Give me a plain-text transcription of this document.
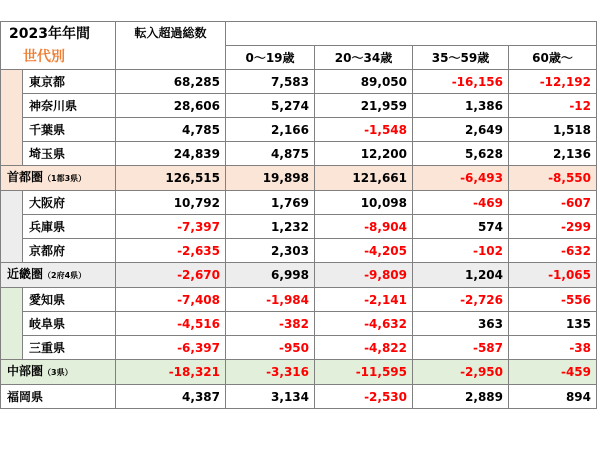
2023年年間		転入超過総数				
世代別			0～19歳	20～34歳	35～59歳	60歳～
	東京都	68,285	7,583	89,050	-16,156	-12,192
	神奈川県	28,606	5,274	21,959	1,386	-12
	千葉県	4,785	2,166	-1,548	2,649	1,518
	埼玉県	24,839	4,875	12,200	5,628	2,136
首都圏（1都3県）		126,515	19,898	121,661	-6,493	-8,550
	大阪府	10,792	1,769	10,098	-469	-607
	兵庫県	-7,397	1,232	-8,904	574	-299
	京都府	-2,635	2,303	-4,205	-102	-632
近畿圏（2府4県）		-2,670	6,998	-9,809	1,204	-1,065
	愛知県	-7,408	-1,984	-2,141	-2,726	-556
	岐阜県	-4,516	-382	-4,632	363	135
	三重県	-6,397	-950	-4,822	-587	-38
中部圏（3県）		-18,321	-3,316	-11,595	-2,950	-459
福岡県		4,387	3,134	-2,530	2,889	894
